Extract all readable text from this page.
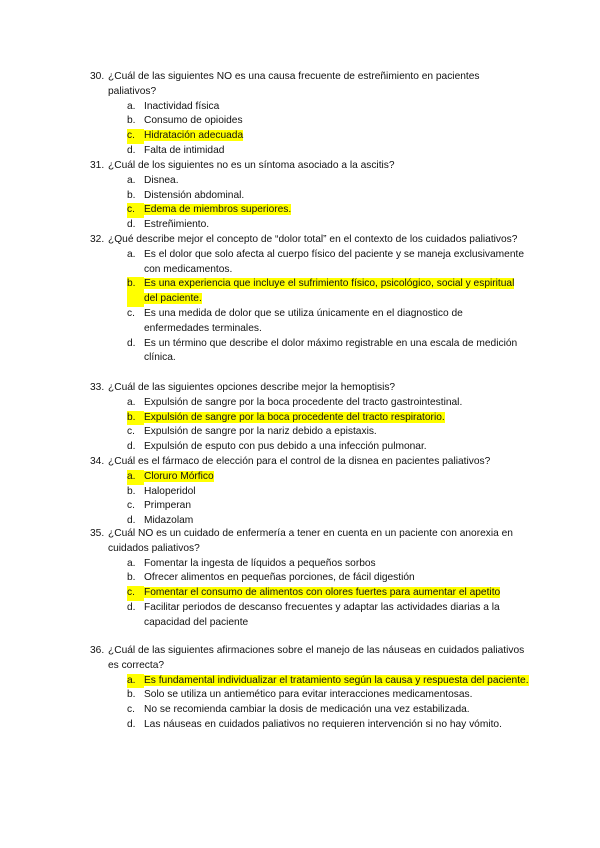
30. ¿Cuál de las siguientes NO es una causa frecuente de estreñimiento en pacientes paliativos?
a. Inactividad física
b. Consumo de opioides
c. Hidratación adecuada
d. Falta de intimidad
31. ¿Cuál de los siguientes no es un síntoma asociado a la ascitis?
a. Disnea.
b. Distensión abdominal.
c. Edema de miembros superiores.
d. Estreñimiento.
32. ¿Qué describe mejor el concepto de “dolor total” en el contexto de los cuidados paliativos?
a. Es el dolor que solo afecta al cuerpo físico del paciente y se maneja exclusivamente con medicamentos.
b. Es una experiencia que incluye el sufrimiento físico, psicológico, social y espiritual del paciente.
c. Es una medida de dolor que se utiliza únicamente en el diagnostico de enfermedades terminales.
d. Es un término que describe el dolor máximo registrable en una escala de medición clínica.
33. ¿Cuál de las siguientes opciones describe mejor la hemoptisis?
a. Expulsión de sangre por la boca procedente del tracto gastrointestinal.
b. Expulsión de sangre por la boca procedente del tracto respiratorio.
c. Expulsión de sangre por la nariz debido a epistaxis.
d. Expulsión de esputo con pus debido a una infección pulmonar.
34. ¿Cuál es el fármaco de elección para el control de la disnea en pacientes paliativos?
a. Cloruro Mórfico
b. Haloperidol
c. Primperan
d. Midazolam
35. ¿Cuál NO es un cuidado de enfermería a tener en cuenta en un paciente con anorexia en cuidados paliativos?
a. Fomentar la ingesta de líquidos a pequeños sorbos
b. Ofrecer alimentos en pequeñas porciones, de fácil digestión
c. Fomentar el consumo de alimentos con olores fuertes para aumentar el apetito
d. Facilitar periodos de descanso frecuentes y adaptar las actividades diarias a la capacidad del paciente
36. ¿Cuál de las siguientes afirmaciones sobre el manejo de las náuseas en cuidados paliativos es correcta?
a. Es fundamental individualizar el tratamiento según la causa y respuesta del paciente.
b. Solo se utiliza un antiemético para evitar interacciones medicamentosas.
c. No se recomienda cambiar la dosis de medicación una vez estabilizada.
d. Las náuseas en cuidados paliativos no requieren intervención si no hay vómito.
